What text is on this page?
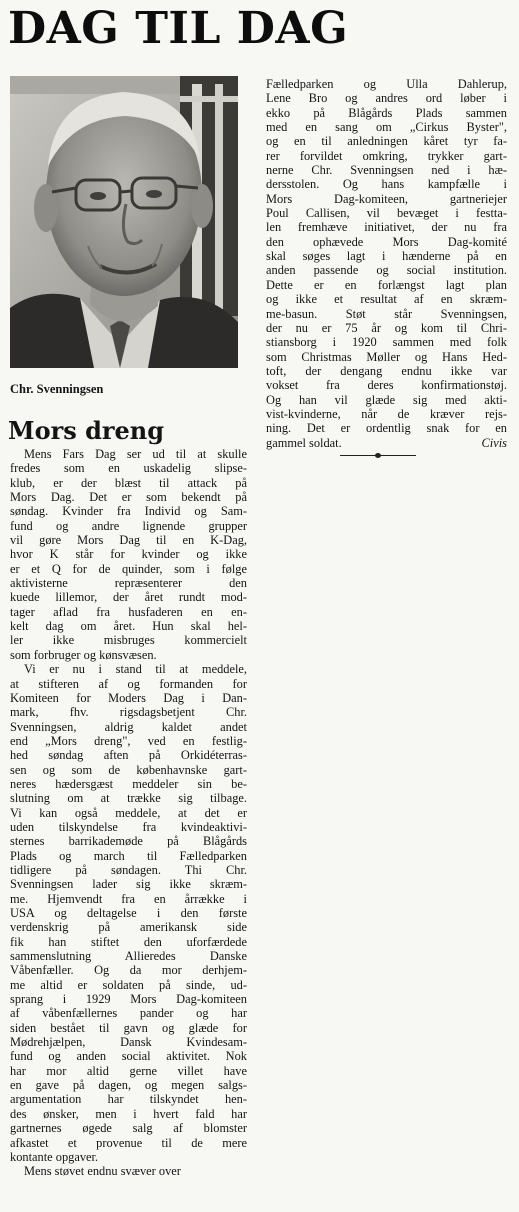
DAG TIL DAG
Chr. Svenningsen
Mors dreng

Mens Fars Dag ser ud til at skulle
fredes som en uskadelig slipse-
klub, er der blæst til attack på
Mors Dag. Det er som bekendt på
søndag. Kvinder fra Individ og Sam-
fund og andre lignende grupper
vil gøre Mors Dag til en K-Dag,
hvor K står for kvinder og ikke
er et Q for de quinder, som i følge
aktivisterne repræsenterer den
kuede lillemor, der året rundt mod-
tager aflad fra husfaderen en en-
kelt dag om året. Hun skal hel-
ler ikke misbruges kommercielt
som forbruger og kønsvæsen.

Vi er nu i stand til at meddele,
at stifteren af og formanden for
Komiteen for Moders Dag i Dan-
mark, fhv. rigsdagsbetjent Chr.
Svenningsen, aldrig kaldet andet
end „Mors dreng", ved en festlig-
hed søndag aften på Orkidéterras-
sen og som de københavnske gart-
neres hædersgæst meddeler sin be-
slutning om at trække sig tilbage.
Vi kan også meddele, at det er
uden tilskyndelse fra kvindeaktivi-
sternes barrikademøde på Blågårds
Plads og march til Fælledparken
tidligere på søndagen. Thi Chr.
Svenningsen lader sig ikke skræm-
me. Hjemvendt fra en årrække i
USA og deltagelse i den første
verdenskrig på amerikansk side
fik han stiftet den uforfærdede
sammenslutning Allieredes Danske
Våbenfæller. Og da mor derhjem-
me altid er soldaten på sinde, ud-
sprang i 1929 Mors Dag-komiteen
af våbenfællernes pander og har
siden bestået til gavn og glæde for
Mødrehjælpen, Dansk Kvindesam-
fund og anden social aktivitet. Nok
har mor altid gerne villet have
en gave på dagen, og megen salgs-
argumentation har tilskyndet hen-
des ønsker, men i hvert fald har
gartnernes øgede salg af blomster
afkastet et provenue til de mere
kontante opgaver.

Mens støvet endnu svæver over

Fælledparken og Ulla Dahlerup,
Lene Bro og andres ord løber i
ekko på Blågårds Plads sammen
med en sang om „Cirkus Byster",
og en til anledningen kåret tyr fa-
rer forvildet omkring, trykker gart-
nerne Chr. Svenningsen ned i hæ-
dersstolen. Og hans kampfælle i
Mors Dag-komiteen, gartneriejer
Poul Callisen, vil bevæget i festta-
len fremhæve initiativet, der nu fra
den ophævede Mors Dag-komité
skal søges lagt i hænderne på en
anden passende og social institution.
Dette er en forlængst lagt plan
og ikke et resultat af en skræm-
me-basun. Støt står Svenningsen,
der nu er 75 år og kom til Chri-
stiansborg i 1920 sammen med folk
som Christmas Møller og Hans Hed-
toft, der dengang endnu ikke var
vokset fra deres konfirmationstøj.
Og han vil glæde sig med akti-
vist-kvinderne, når de kræver rejs-
ning. Det er ordentlig snak for en
gammel soldat.	Civis
